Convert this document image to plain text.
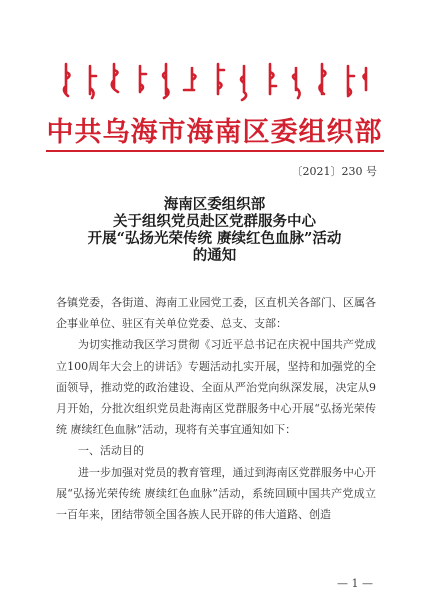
中共乌海市海南区委组织部
〔2021〕230 号
海南区委组织部
关于组织党员赴区党群服务中心
开展“弘扬光荣传统 赓续红色血脉”活动
的通知

各镇党委，各街道、海南工业园党工委，区直机关各部门、区属各企事业单位、驻区有关单位党委、总支、支部：

为切实推动我区学习贯彻《习近平总书记在庆祝中国共产党成立100周年大会上的讲话》专题活动扎实开展，坚持和加强党的全面领导，推动党的政治建设、全面从严治党向纵深发展，决定从9月开始，分批次组织党员赴海南区党群服务中心开展“弘扬光荣传统 赓续红色血脉”活动，现将有关事宜通知如下：

一、活动目的

进一步加强对党员的教育管理，通过到海南区党群服务中心开展“弘扬光荣传统 赓续红色血脉”活动，系统回顾中国共产党成立一百年来，团结带领全国各族人民开辟的伟大道路、创造

— 1 —
